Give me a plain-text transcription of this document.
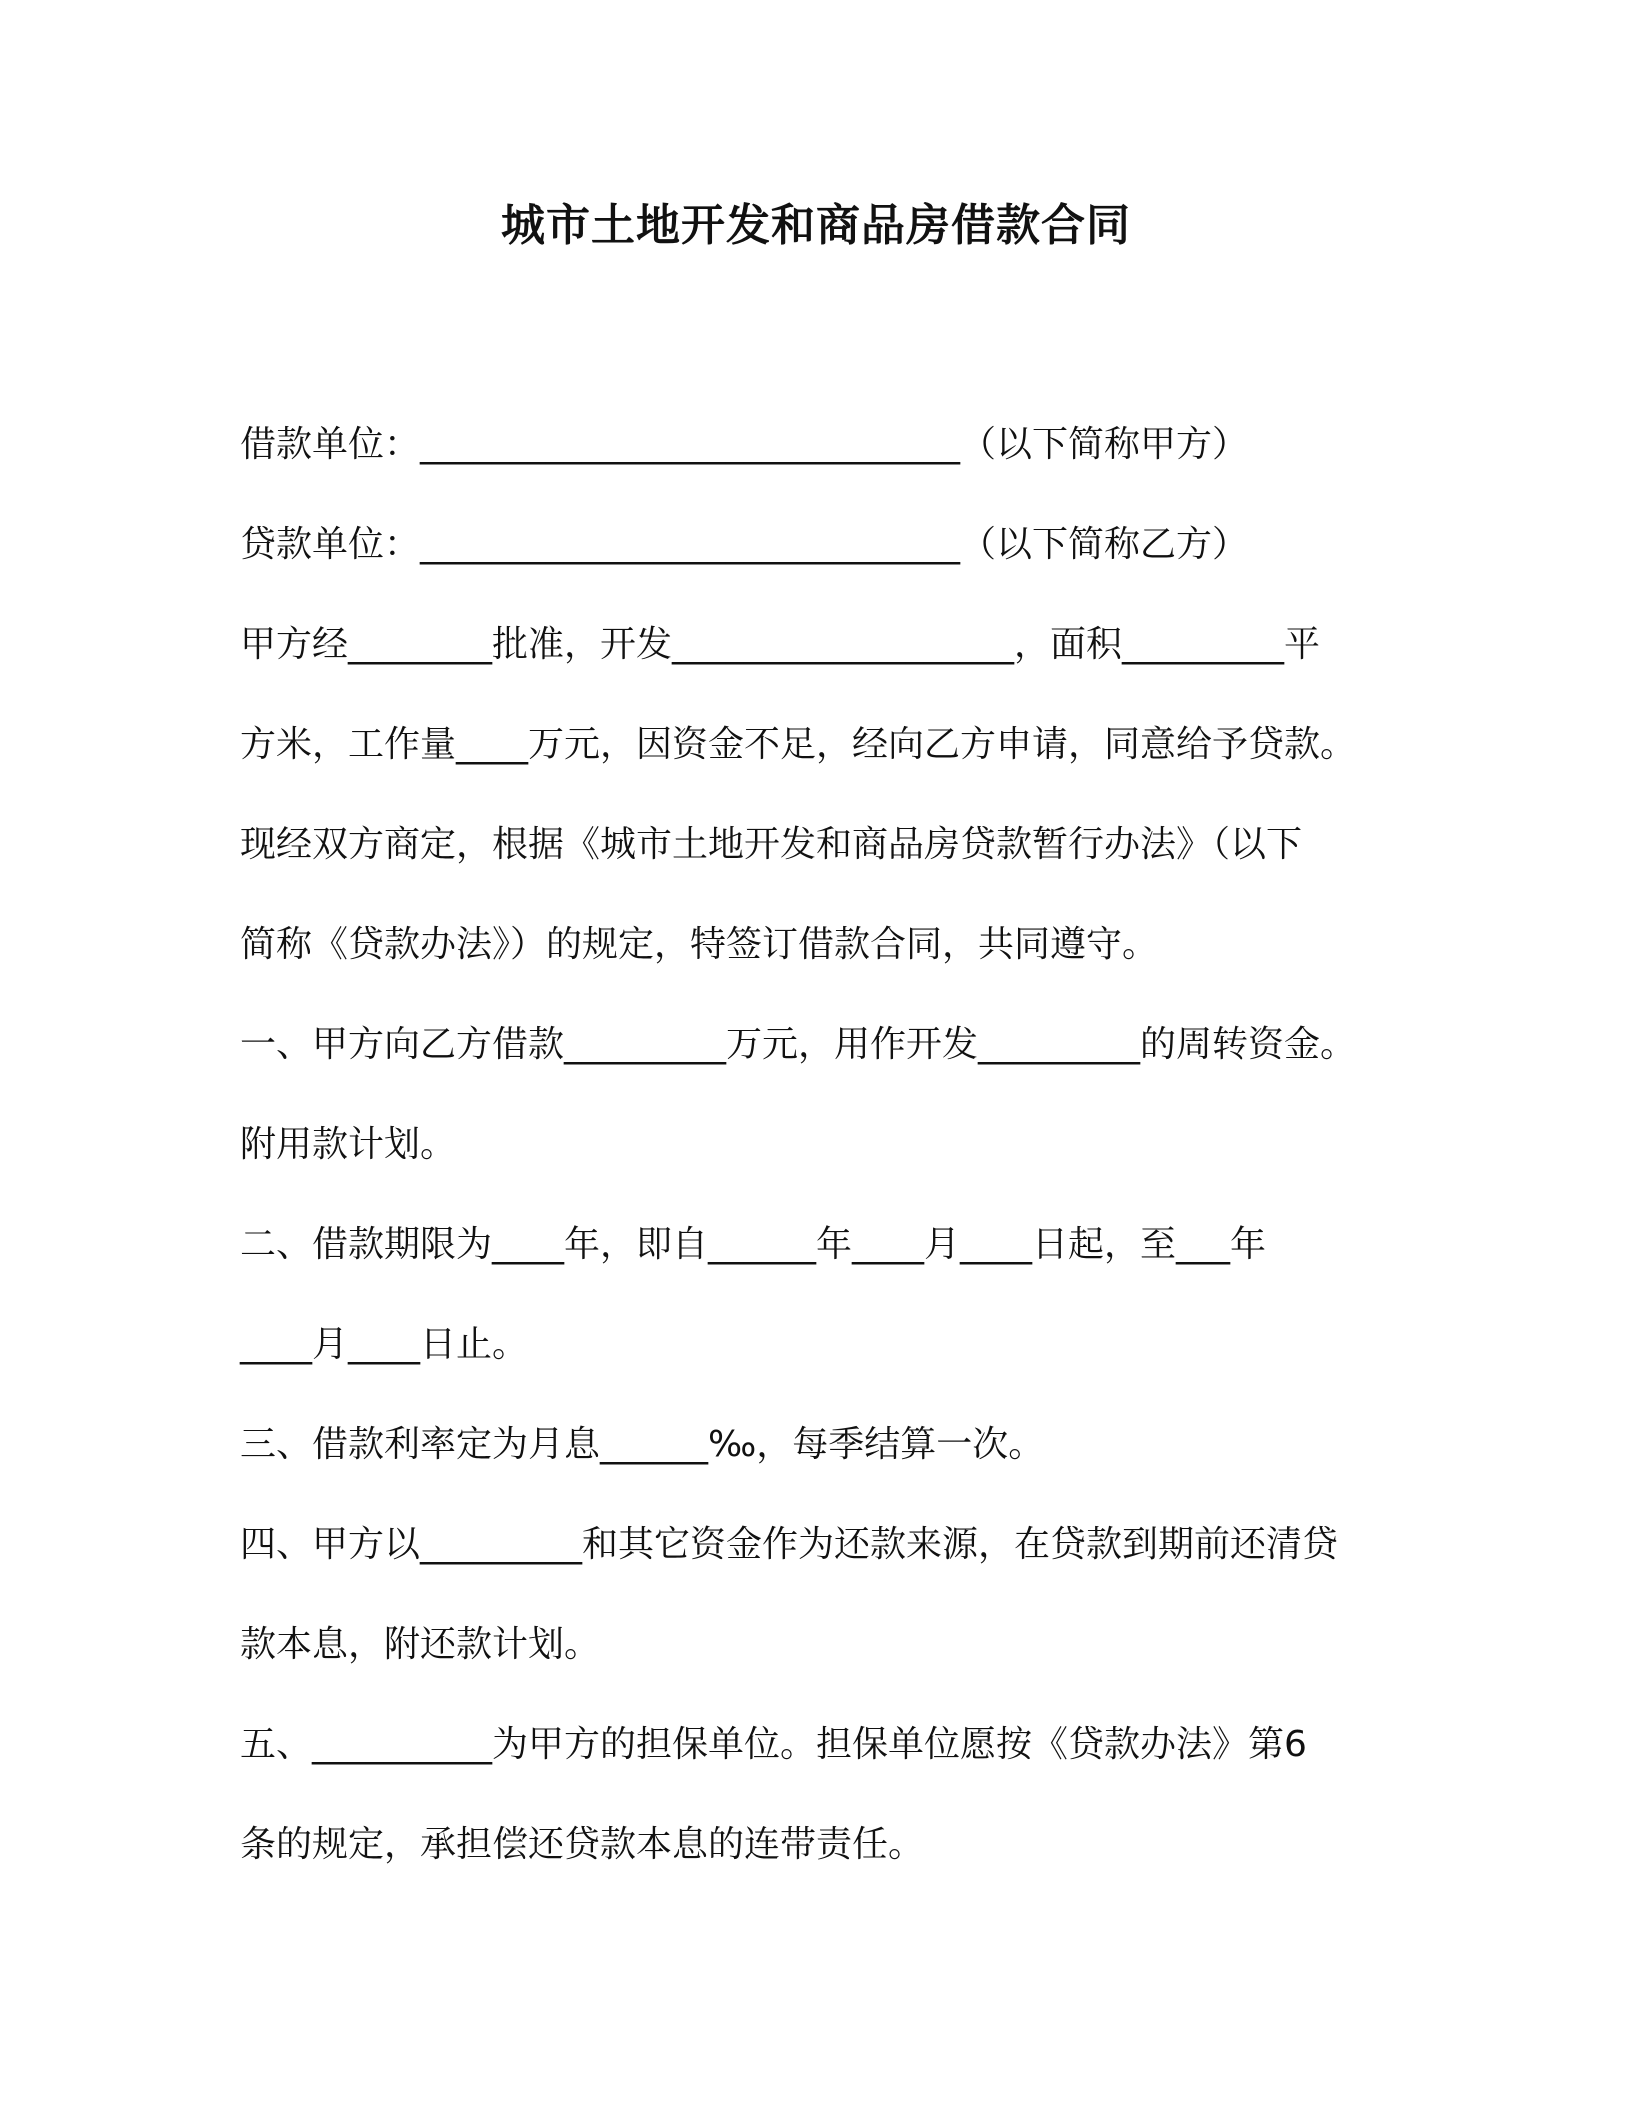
城市土地开发和商品房借款合同

借款单位：______________________________（以下简称甲方）

贷款单位：______________________________（以下简称乙方）

甲方经________批准，开发___________________，面积_________平

方米，工作量____万元，因资金不足，经向乙方申请，同意给予贷款。

现经双方商定，根据《城市土地开发和商品房贷款暂行办法》（以下

简称《贷款办法》）的规定，特签订借款合同，共同遵守。

一、甲方向乙方借款_________万元，用作开发_________的周转资金。

附用款计划。

二、借款期限为____年，即自______年____月____日起，至___年

____月____日止。

三、借款利率定为月息______‰，每季结算一次。

四、甲方以_________和其它资金作为还款来源，在贷款到期前还清贷

款本息，附还款计划。

五、__________为甲方的担保单位。担保单位愿按《贷款办法》第6

条的规定，承担偿还贷款本息的连带责任。
